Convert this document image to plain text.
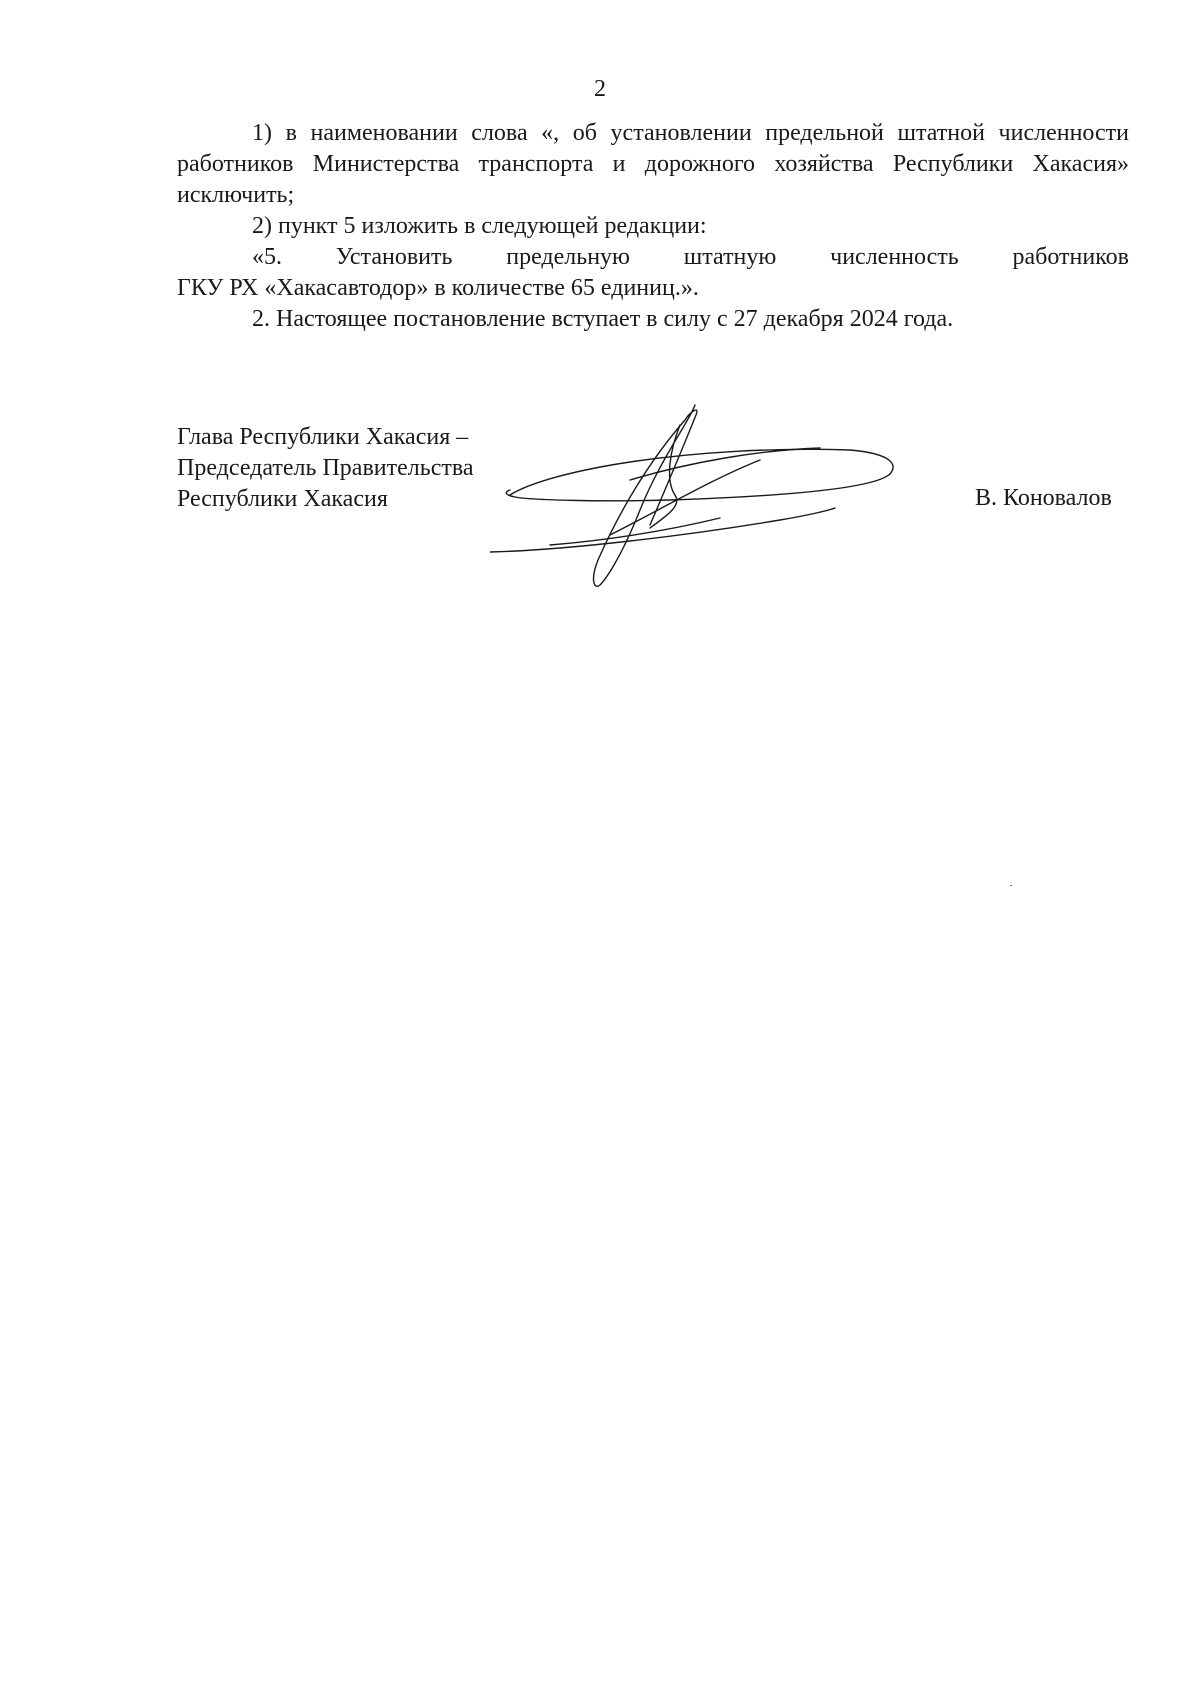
2

1) в наименовании слова «, об установлении предельной штатной численности работников Министерства транспорта и дорожного хозяйства Республики Хакасия» исключить;

2) пункт 5 изложить в следующей редакции:

«5. Установить предельную штатную численность работников

ГКУ РХ «Хакасавтодор» в количестве 65 единиц.».

2. Настоящее постановление вступает в силу с 27 декабря 2024 года.

Глава Республики Хакасия –
Председатель Правительства
Республики Хакасия	В. Коновалов
